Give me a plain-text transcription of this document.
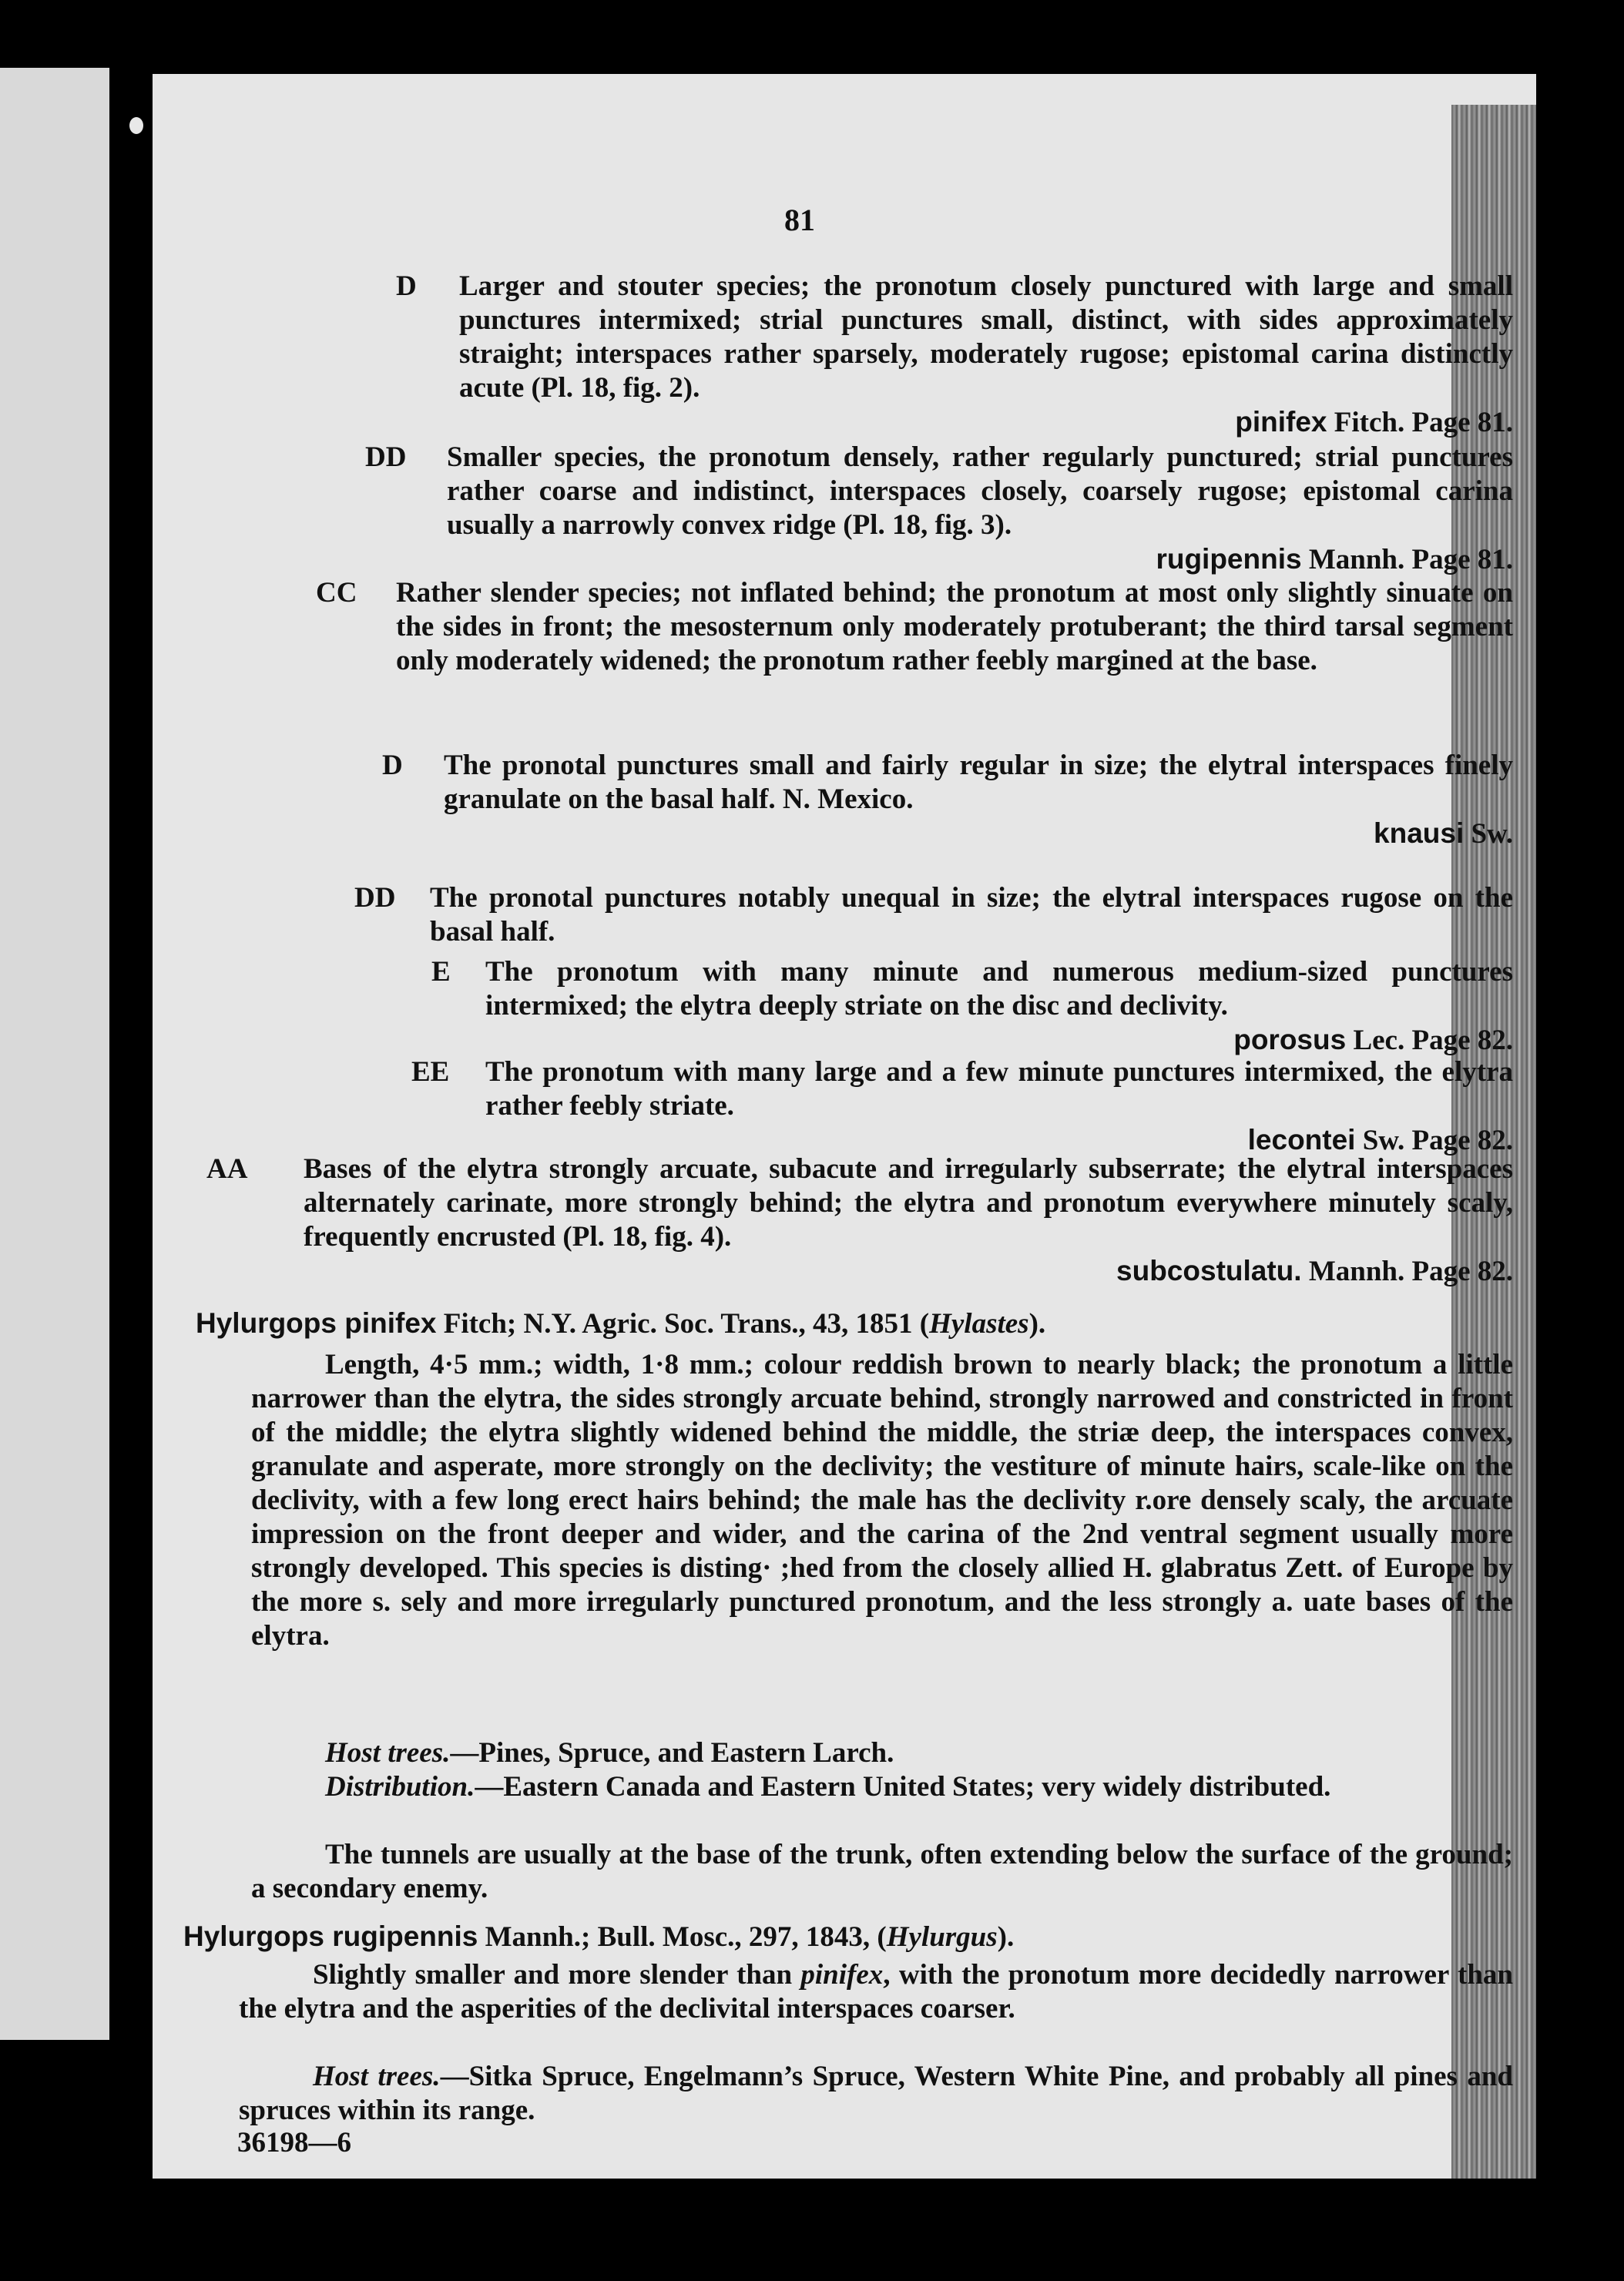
81
D Larger and stouter species; the pronotum closely punctured with large and small punctures intermixed; strial punctures small, distinct, with sides approximately straight; interspaces rather sparsely, moderately rugose; epistomal carina distinctly acute (Pl. 18, fig. 2).
pinifex Fitch. Page 81.
DD Smaller species, the pronotum densely, rather regularly punctured; strial punctures rather coarse and indistinct, interspaces closely, coarsely rugose; epistomal carina usually a narrowly convex ridge (Pl. 18, fig. 3).
rugipennis Mannh. Page 81.
CC Rather slender species; not inflated behind; the pronotum at most only slightly sinuate on the sides in front; the mesosternum only moderately protuberant; the third tarsal segment only moderately widened; the pronotum rather feebly margined at the base.
D The pronotal punctures small and fairly regular in size; the elytral interspaces finely granulate on the basal half. N. Mexico.
knausi Sw.
DD The pronotal punctures notably unequal in size; the elytral interspaces rugose on the basal half.
E The pronotum with many minute and numerous medium-sized punctures intermixed; the elytra deeply striate on the disc and declivity.
porosus Lec. Page 82.
EE The pronotum with many large and a few minute punctures intermixed, the elytra rather feebly striate.
lecontei Sw. Page 82.
AA Bases of the elytra strongly arcuate, subacute and irregularly subserrate; the elytral interspaces alternately carinate, more strongly behind; the elytra and pronotum everywhere minutely scaly, frequently encrusted (Pl. 18, fig. 4).
subcostulatu. Mannh. Page 82.
Hylurgops pinifex Fitch; N.Y. Agric. Soc. Trans., 43, 1851 (Hylastes).
Length, 4·5 mm.; width, 1·8 mm.; colour reddish brown to nearly black; the pronotum a little narrower than the elytra, the sides strongly arcuate behind, strongly narrowed and constricted in front of the middle; the elytra slightly widened behind the middle, the striæ deep, the interspaces convex, granulate and asperate, more strongly on the declivity; the vestiture of minute hairs, scale-like on the declivity, with a few long erect hairs behind; the male has the declivity r.ore densely scaly, the arcuate impression on the front deeper and wider, and the carina of the 2nd ventral segment usually more strongly developed. This species is disting· ;hed from the closely allied H. glabratus Zett. of Europe by the more s. sely and more irregularly punctured pronotum, and the less strongly a. uate bases of the elytra.
Host trees.—Pines, Spruce, and Eastern Larch.
Distribution.—Eastern Canada and Eastern United States; very widely distributed.
The tunnels are usually at the base of the trunk, often extending below the surface of the ground; a secondary enemy.
Hylurgops rugipennis Mannh.; Bull. Mosc., 297, 1843, (Hylurgus).
Slightly smaller and more slender than pinifex, with the pronotum more decidedly narrower than the elytra and the asperities of the declivital interspaces coarser.
Host trees.—Sitka Spruce, Engelmann’s Spruce, Western White Pine, and probably all pines and spruces within its range.
36198—6
